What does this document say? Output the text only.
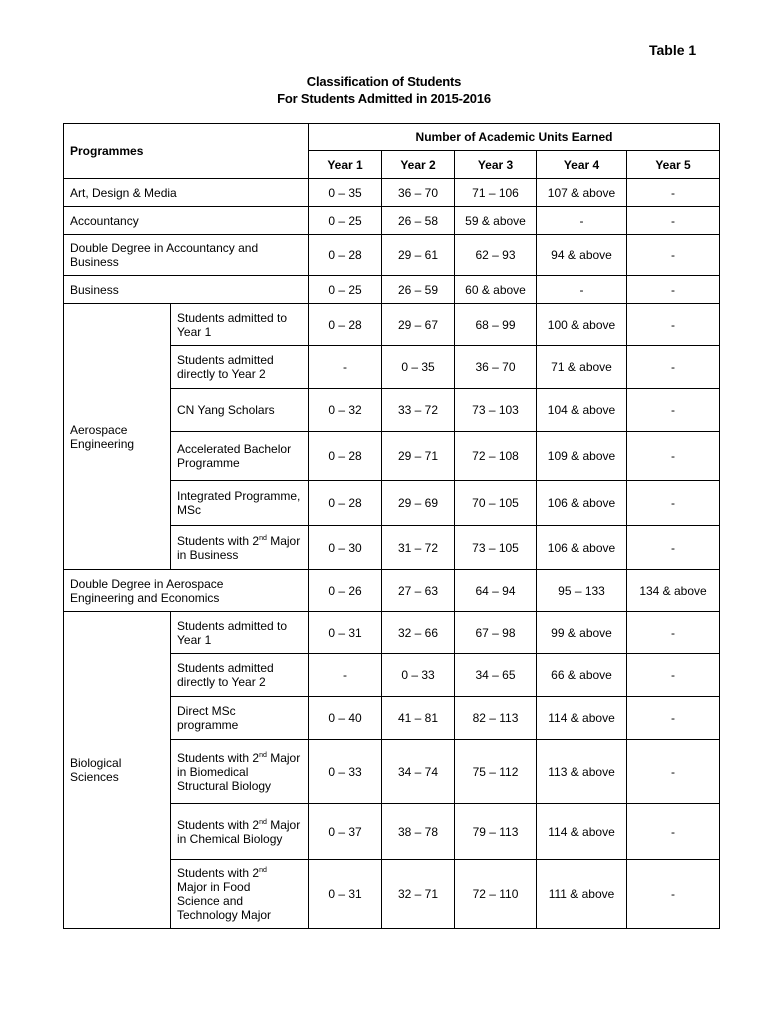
Table 1
Classification of Students
For Students Admitted in 2015-2016
Programmes		Number of Academic Units Earned				
		Year 1	Year 2	Year 3	Year 4	Year 5
Art, Design & Media		0 – 35	36 – 70	71 – 106	107 & above	-
Accountancy		0 – 25	26 – 58	59 & above	-	-

Double Degree in Accountancy and Business		0 – 28	29 – 61	62 – 93	94 & above	-
Business		0 – 25	26 – 59	60 & above	-	-
Aerospace Engineering	Students admitted to Year 1	0 – 28	29 – 67	68 – 99	100 & above	-
	Students admitted directly to Year 2	-	0 – 35	36 – 70	71 & above	-
	CN Yang Scholars	0 – 32	33 – 72	73 – 103	104 & above	-
	Accelerated Bachelor Programme	0 – 28	29 – 71	72 – 108	109 & above	-
	Integrated Programme, MSc	0 – 28	29 – 69	70 – 105	106 & above	-
	Students with 2nd Major in Business	0 – 30	31 – 72	73 – 105	106 & above	-

Double Degree in Aerospace Engineering and Economics		0 – 26	27 – 63	64 – 94	95 – 133	134 & above
Biological Sciences	Students admitted to Year 1	0 – 31	32 – 66	67 – 98	99 & above	-
	Students admitted directly to Year 2	-	0 – 33	34 – 65	66 & above	-

	Direct MSc programme	0 – 40	41 – 81	82 – 113	114 & above	-
	Students with 2nd Major in Biomedical Structural Biology	0 – 33	34 – 74	75 – 112	113 & above	-
	Students with 2nd Major in Chemical Biology	0 – 37	38 – 78	79 – 113	114 & above	-

	Students with 2nd Major in Food Science and Technology Major	0 – 31	32 – 71	72 – 110	111 & above	-
